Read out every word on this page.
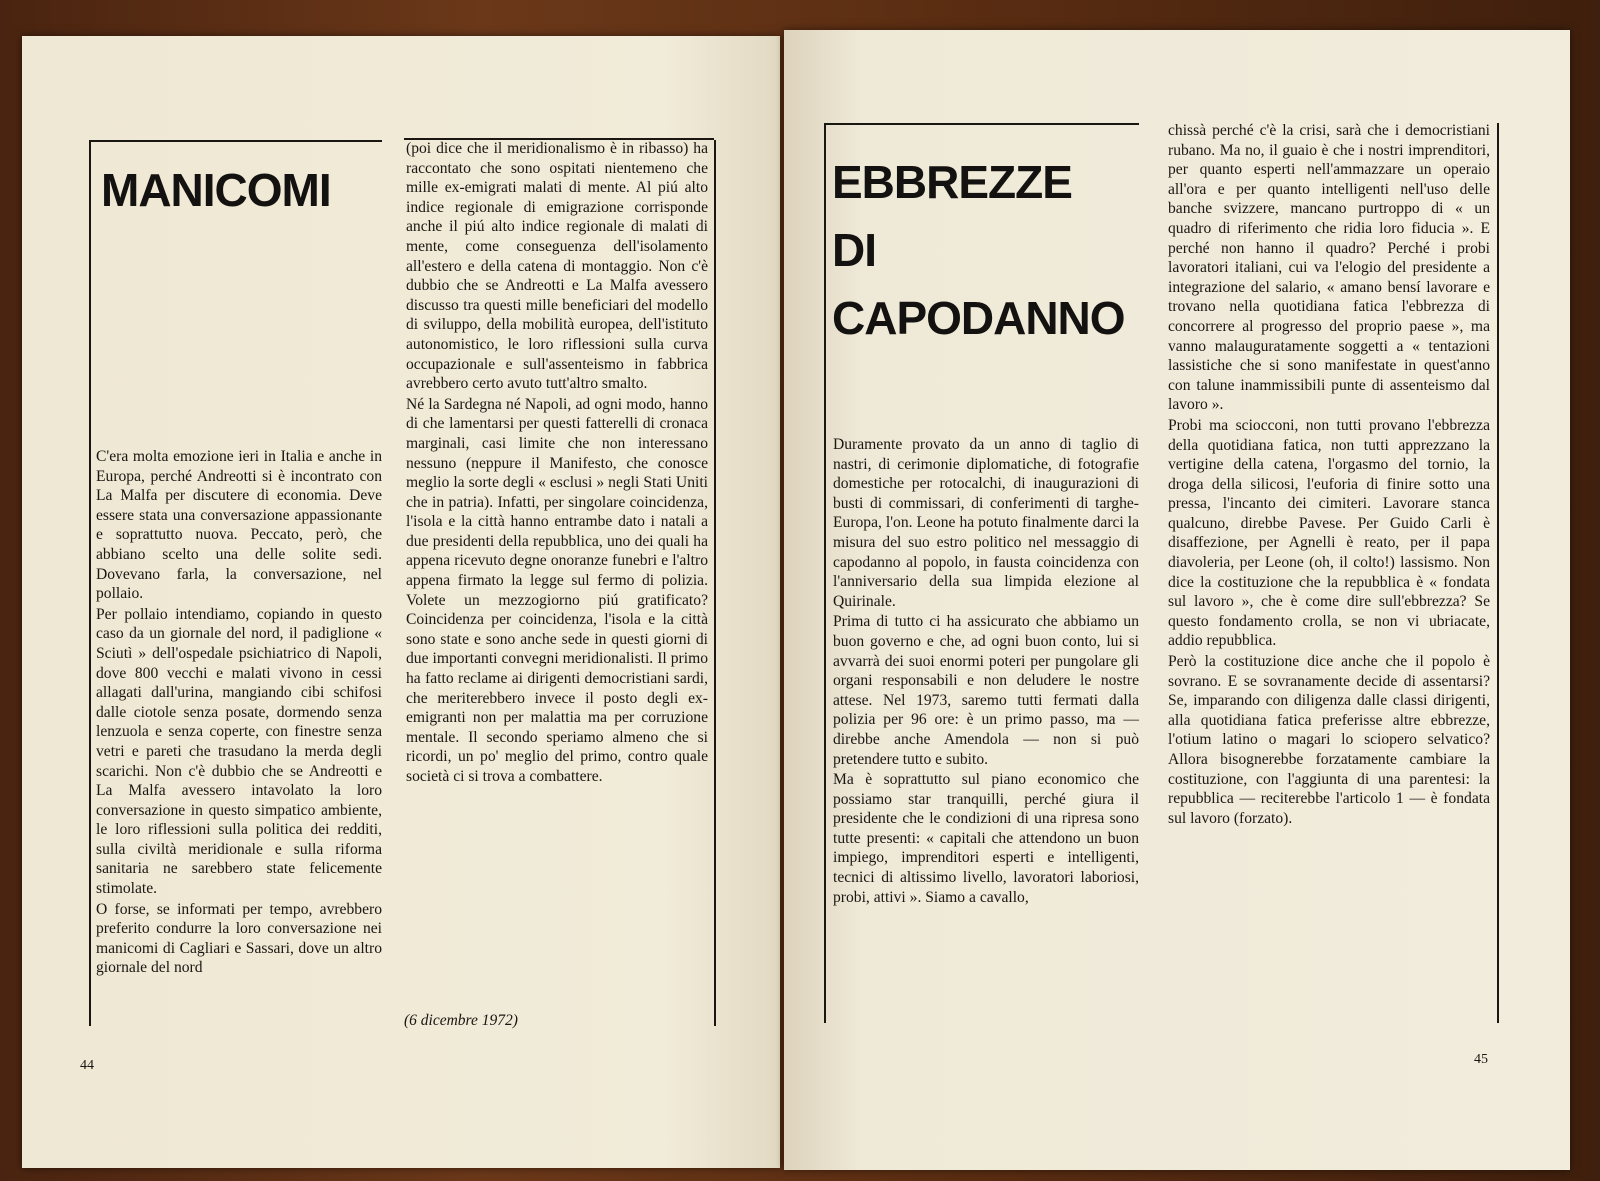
MANICOMI

C'era molta emozione ieri in Italia e anche in Europa, perché Andreotti si è incontrato con La Malfa per discutere di economia. Deve essere stata una conversazione appassionante e soprattutto nuova. Peccato, però, che abbiano scelto una delle solite sedi. Dovevano farla, la conversazione, nel pollaio.

Per pollaio intendiamo, copiando in questo caso da un giornale del nord, il padiglione « Sciutì » dell'ospedale psichiatrico di Napoli, dove 800 vecchi e malati vivono in cessi allagati dall'urina, mangiando cibi schifosi dalle ciotole senza posate, dormendo senza lenzuola e senza coperte, con finestre senza vetri e pareti che trasudano la merda degli scarichi. Non c'è dubbio che se Andreotti e La Malfa avessero intavolato la loro conversazione in questo simpatico ambiente, le loro riflessioni sulla politica dei redditi, sulla civiltà meridionale e sulla riforma sanitaria ne sarebbero state felicemente stimolate.

O forse, se informati per tempo, avrebbero preferito condurre la loro conversazione nei manicomi di Cagliari e Sassari, dove un altro giornale del nord

(poi dice che il meridionalismo è in ribasso) ha raccontato che sono ospitati nientemeno che mille ex-emigrati malati di mente. Al piú alto indice regionale di emigrazione corrisponde anche il piú alto indice regionale di malati di mente, come conseguenza dell'isolamento all'estero e della catena di montaggio. Non c'è dubbio che se Andreotti e La Malfa avessero discusso tra questi mille beneficiari del modello di sviluppo, della mobilità europea, dell'istituto autonomistico, le loro riflessioni sulla curva occupazionale e sull'assenteismo in fabbrica avrebbero certo avuto tutt'altro smalto.

Né la Sardegna né Napoli, ad ogni modo, hanno di che lamentarsi per questi fatterelli di cronaca marginali, casi limite che non interessano nessuno (neppure il Manifesto, che conosce meglio la sorte degli « esclusi » negli Stati Uniti che in patria). Infatti, per singolare coincidenza, l'isola e la città hanno entrambe dato i natali a due presidenti della repubblica, uno dei quali ha appena ricevuto degne onoranze funebri e l'altro appena firmato la legge sul fermo di polizia. Volete un mezzogiorno piú gratificato? Coincidenza per coincidenza, l'isola e la città sono state e sono anche sede in questi giorni di due importanti convegni meridionalisti. Il primo ha fatto reclame ai dirigenti democristiani sardi, che meriterebbero invece il posto degli ex-emigranti non per malattia ma per corruzione mentale. Il secondo speriamo almeno che si ricordi, un po' meglio del primo, contro quale società ci si trova a combattere.

(6 dicembre 1972)
44
EBBREZZE
DI
CAPODANNO

Duramente provato da un anno di taglio di nastri, di cerimonie diplomatiche, di fotografie domestiche per rotocalchi, di inaugurazioni di busti di commissari, di conferimenti di targhe-Europa, l'on. Leone ha potuto finalmente darci la misura del suo estro politico nel messaggio di capodanno al popolo, in fausta coincidenza con l'anniversario della sua limpida elezione al Quirinale.

Prima di tutto ci ha assicurato che abbiamo un buon governo e che, ad ogni buon conto, lui si avvarrà dei suoi enormi poteri per pungolare gli organi responsabili e non deludere le nostre attese. Nel 1973, saremo tutti fermati dalla polizia per 96 ore: è un primo passo, ma — direbbe anche Amendola — non si può pretendere tutto e subito.

Ma è soprattutto sul piano economico che possiamo star tranquilli, perché giura il presidente che le condizioni di una ripresa sono tutte presenti: « capitali che attendono un buon impiego, imprenditori esperti e intelligenti, tecnici di altissimo livello, lavoratori laboriosi, probi, attivi ». Siamo a cavallo,

chissà perché c'è la crisi, sarà che i democristiani rubano. Ma no, il guaio è che i nostri imprenditori, per quanto esperti nell'ammazzare un operaio all'ora e per quanto intelligenti nell'uso delle banche svizzere, mancano purtroppo di « un quadro di riferimento che ridia loro fiducia ». E perché non hanno il quadro? Perché i probi lavoratori italiani, cui va l'elogio del presidente a integrazione del salario, « amano bensí lavorare e trovano nella quotidiana fatica l'ebbrezza di concorrere al progresso del proprio paese », ma vanno malauguratamente soggetti a « tentazioni lassistiche che si sono manifestate in quest'anno con talune inammissibili punte di assenteismo dal lavoro ».

Probi ma sciocconi, non tutti provano l'ebbrezza della quotidiana fatica, non tutti apprezzano la vertigine della catena, l'orgasmo del tornio, la droga della silicosi, l'euforia di finire sotto una pressa, l'incanto dei cimiteri. Lavorare stanca qualcuno, direbbe Pavese. Per Guido Carli è disaffezione, per Agnelli è reato, per il papa diavoleria, per Leone (oh, il colto!) lassismo. Non dice la costituzione che la repubblica è « fondata sul lavoro », che è come dire sull'ebbrezza? Se questo fondamento crolla, se non vi ubriacate, addio repubblica.

Però la costituzione dice anche che il popolo è sovrano. E se sovranamente decide di assentarsi? Se, imparando con diligenza dalle classi dirigenti, alla quotidiana fatica preferisse altre ebbrezze, l'otium latino o magari lo sciopero selvatico? Allora bisognerebbe forzatamente cambiare la costituzione, con l'aggiunta di una parentesi: la repubblica — reciterebbe l'articolo 1 — è fondata sul lavoro (forzato).

45
